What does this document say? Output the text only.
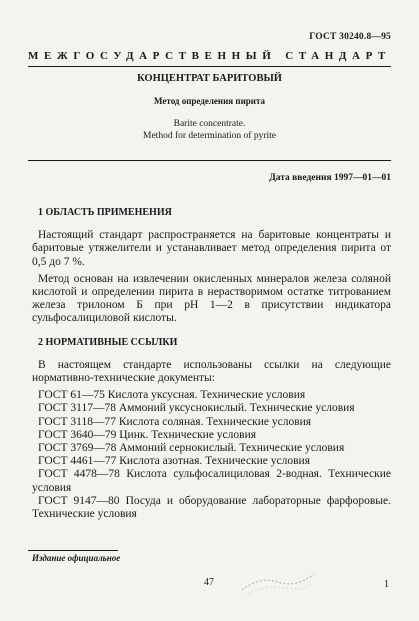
ГОСТ 30240.8—95
МЕЖГОСУДАРСТВЕННЫЙ СТАНДАРТ
КОНЦЕНТРАТ БАРИТОВЫЙ
Метод определения пирита
Barite concentrate.
Method for determination of pyrite
Дата введения 1997—01—01
1 ОБЛАСТЬ ПРИМЕНЕНИЯ

Настоящий стандарт распространяется на баритовые концентраты и баритовые утяжелители и устанавливает метод определения пирита от 0,5 до 7 %.

Метод основан на извлечении окисленных минералов железа соляной кислотой и определении пирита в нерастворимом остатке титрованием железа трилоном Б при pH 1—2 в присутствии индикатора сульфосалициловой кислоты.

2 НОРМАТИВНЫЕ ССЫЛКИ

В настоящем стандарте использованы ссылки на следующие нормативно-технические документы:

ГОСТ 61—75 Кислота уксусная. Технические условия
ГОСТ 3117—78 Аммоний уксуснокислый. Технические условия
ГОСТ 3118—77 Кислота соляная. Технические условия
ГОСТ 3640—79 Цинк. Технические условия
ГОСТ 3769—78 Аммоний сернокислый. Технические условия
ГОСТ 4461—77 Кислота азотная. Технические условия
ГОСТ 4478—78 Кислота сульфосалициловая 2-водная. Технические условия
ГОСТ 9147—80 Посуда и оборудование лабораторные фарфоровые. Технические условия
Издание официальное
47	1
